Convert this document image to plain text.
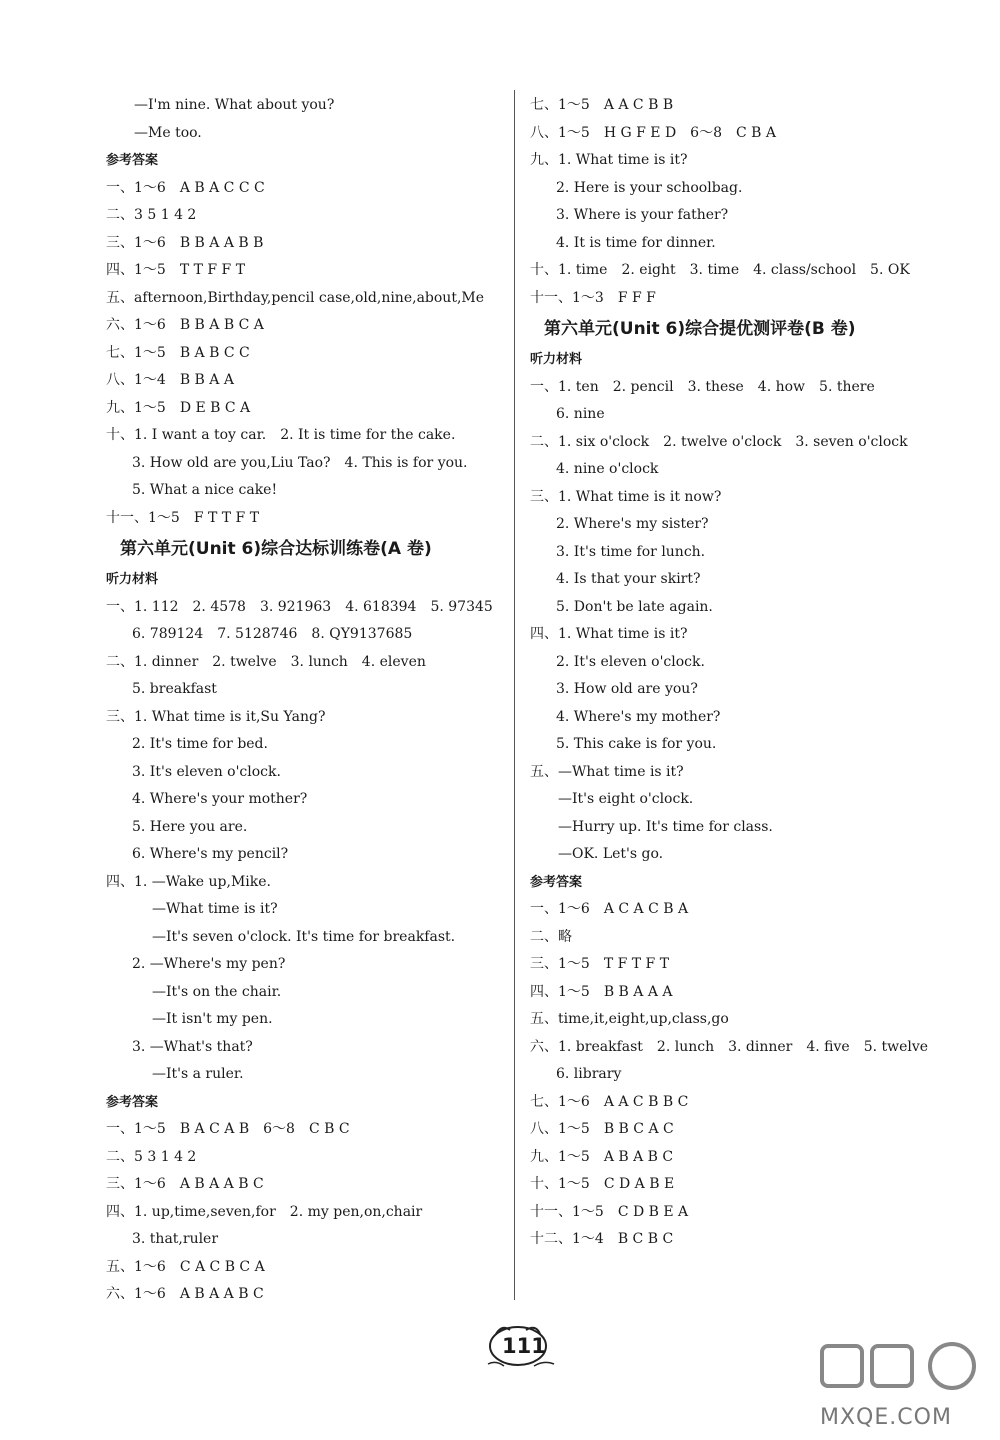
—I'm nine. What about you?
—Me too.
参考答案
一、1～6　A B A C C C
二、3 5 1 4 2
三、1～6　B B A A B B
四、1～5　T T F F T
五、afternoon,Birthday,pencil case,old,nine,about,Me
六、1～6　B B A B C A
七、1～5　B A B C C
八、1～4　B B A A
九、1～5　D E B C A
十、1. I want a toy car.　2. It is time for the cake.
3. How old are you,Liu Tao?　4. This is for you.
5. What a nice cake!
十一、1～5　F T T F T
第六单元(Unit 6)综合达标训练卷(A 卷)
听力材料
一、1. 112　2. 4578　3. 921963　4. 618394　5. 97345
6. 789124　7. 5128746　8. QY9137685
二、1. dinner　2. twelve　3. lunch　4. eleven
5. breakfast
三、1. What time is it,Su Yang?
2. It's time for bed.
3. It's eleven o'clock.
4. Where's your mother?
5. Here you are.
6. Where's my pencil?
四、1. —Wake up,Mike.
—What time is it?
—It's seven o'clock. It's time for breakfast.
2. —Where's my pen?
—It's on the chair.
—It isn't my pen.
3. —What's that?
—It's a ruler.
参考答案
一、1～5　B A C A B　6～8　C B C
二、5 3 1 4 2
三、1～6　A B A A B C
四、1. up,time,seven,for　2. my pen,on,chair
3. that,ruler
五、1～6　C A C B C A
六、1～6　A B A A B C
七、1～5　A A C B B
八、1～5　H G F E D　6～8　C B A
九、1. What time is it?
2. Here is your schoolbag.
3. Where is your father?
4. It is time for dinner.
十、1. time　2. eight　3. time　4. class/school　5. OK
十一、1～3　F F F
第六单元(Unit 6)综合提优测评卷(B 卷)
听力材料
一、1. ten　2. pencil　3. these　4. how　5. there
6. nine
二、1. six o'clock　2. twelve o'clock　3. seven o'clock
4. nine o'clock
三、1. What time is it now?
2. Where's my sister?
3. It's time for lunch.
4. Is that your skirt?
5. Don't be late again.
四、1. What time is it?
2. It's eleven o'clock.
3. How old are you?
4. Where's my mother?
5. This cake is for you.
五、—What time is it?
—It's eight o'clock.
—Hurry up. It's time for class.
—OK. Let's go.
参考答案
一、1～6　A C A C B A
二、略
三、1～5　T F T F T
四、1～5　B B A A A
五、time,it,eight,up,class,go
六、1. breakfast　2. lunch　3. dinner　4. five　5. twelve
6. library
七、1～6　A A C B B C
八、1～5　B B C A C
九、1～5　A B A B C
十、1～5　C D A B E
十一、1～5　C D B E A
十二、1～4　B C B C
111
MXQE.COM
